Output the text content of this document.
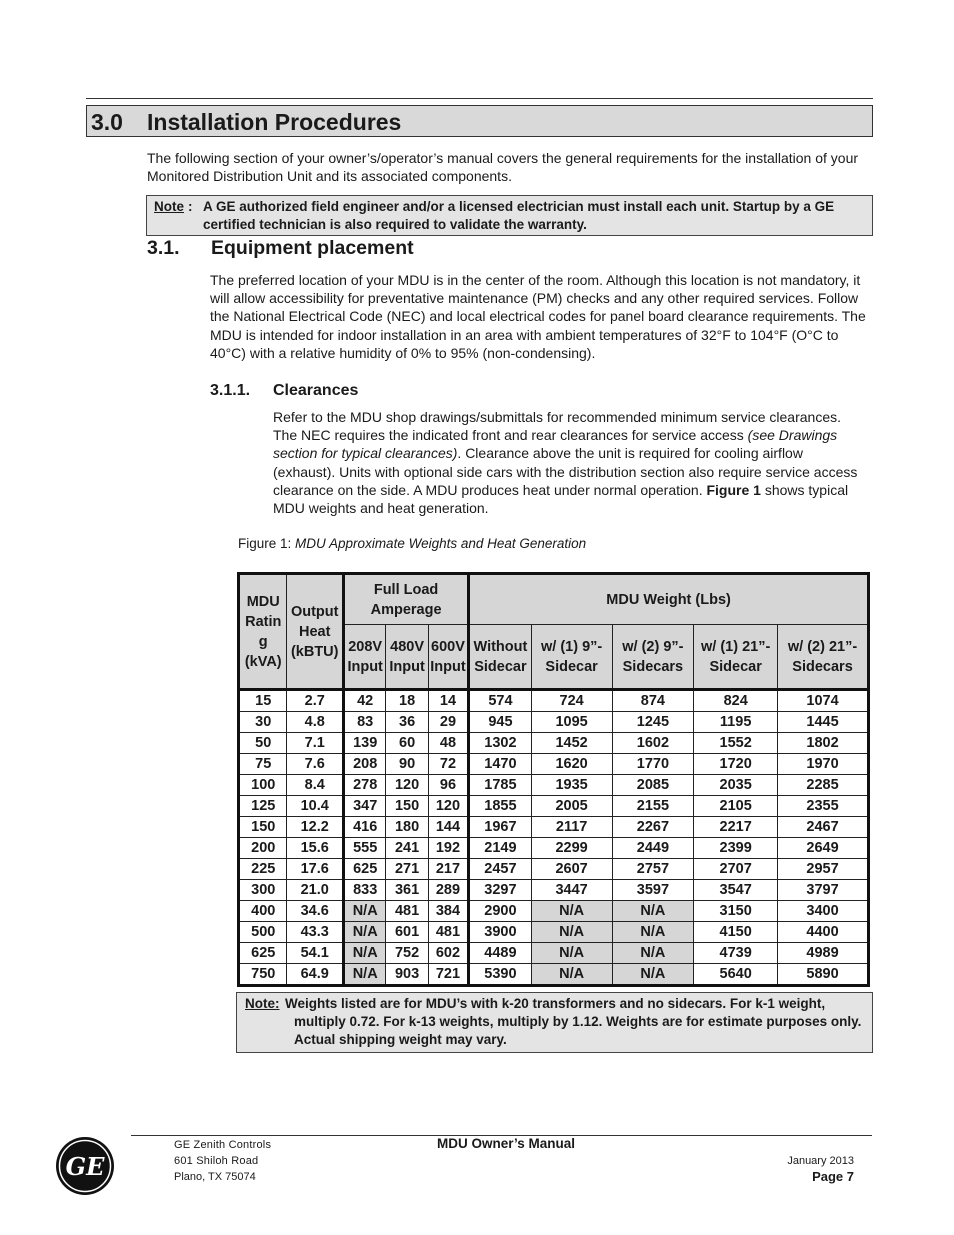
3.0 Installation Procedures
The following section of your owner’s/operator’s manual covers the general requirements for the installation of your Monitored Distribution Unit and its associated components.
Note : A GE authorized field engineer and/or a licensed electrician must install each unit. Startup by a GE certified technician is also required to validate the warranty.
3.1. Equipment placement
The preferred location of your MDU is in the center of the room. Although this location is not mandatory, it will allow accessibility for preventative maintenance (PM) checks and any other required services. Follow the National Electrical Code (NEC) and local electrical codes for panel board clearance requirements. The MDU is intended for indoor installation in an area with ambient temperatures of 32°F to 104°F (O°C to 40°C) with a relative humidity of 0% to 95% (non-condensing).
3.1.1. Clearances
Refer to the MDU shop drawings/submittals for recommended minimum service clearances. The NEC requires the indicated front and rear clearances for service access (see Drawings section for typical clearances). Clearance above the unit is required for cooling airflow (exhaust). Units with optional side cars with the distribution section also require service access clearance on the side. A MDU produces heat under normal operation. Figure 1 shows typical MDU weights and heat generation.
Figure 1: MDU Approximate Weights and Heat Generation
MDU Ratin g (kVA)	Output Heat (kBTU)	Full Load Amperage			MDU Weight (Lbs)				
		208V Input	480V Input	600V Input	Without Sidecar	w/ (1) 9”- Sidecar	w/ (2) 9”- Sidecars	w/ (1) 21”- Sidecar	w/ (2) 21”- Sidecars
15	2.7	42	18	14	574	724	874	824	1074
30	4.8	83	36	29	945	1095	1245	1195	1445
50	7.1	139	60	48	1302	1452	1602	1552	1802
75	7.6	208	90	72	1470	1620	1770	1720	1970
100	8.4	278	120	96	1785	1935	2085	2035	2285
125	10.4	347	150	120	1855	2005	2155	2105	2355
150	12.2	416	180	144	1967	2117	2267	2217	2467
200	15.6	555	241	192	2149	2299	2449	2399	2649
225	17.6	625	271	217	2457	2607	2757	2707	2957
300	21.0	833	361	289	3297	3447	3597	3547	3797
400	34.6	N/A	481	384	2900	N/A	N/A	3150	3400
500	43.3	N/A	601	481	3900	N/A	N/A	4150	4400
625	54.1	N/A	752	602	4489	N/A	N/A	4739	4989
750	64.9	N/A	903	721	5390	N/A	N/A	5640	5890
Note: Weights listed are for MDU’s with k-20 transformers and no sidecars. For k-1 weight, multiply 0.72. For k-13 weights, multiply by 1.12. Weights are for estimate purposes only. Actual shipping weight may vary.
GE
GE Zenith Controls
601 Shiloh Road
Plano, TX 75074
MDU Owner’s Manual
January 2013
Page 7
